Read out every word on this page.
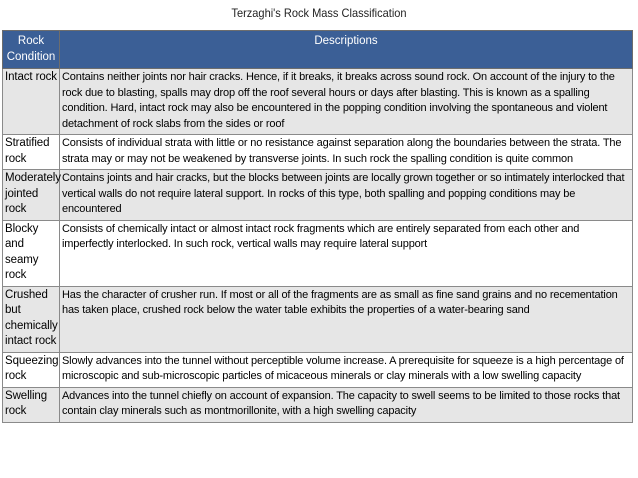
Terzaghi's Rock Mass Classification
Rock Condition	Descriptions
Intact rock	Contains neither joints nor hair cracks. Hence, if it breaks, it breaks across sound rock. On account of the injury to the rock due to blasting, spalls may drop off the roof several hours or days after blasting. This is known as a spalling condition. Hard, intact rock may also be encountered in the popping condition involving the spontaneous and violent detachment of rock slabs from the sides or roof
Stratified rock	Consists of individual strata with little or no resistance against separation along the boundaries between the strata. The strata may or may not be weakened by transverse joints. In such rock the spalling condition is quite common
Moderately jointed rock	Contains joints and hair cracks, but the blocks between joints are locally grown together or so intimately interlocked that vertical walls do not require lateral support. In rocks of this type, both spalling and popping conditions may be encountered
Blocky and seamy rock	Consists of chemically intact or almost intact rock fragments which are entirely separated from each other and imperfectly interlocked. In such rock, vertical walls may require lateral support
Crushed but chemically intact rock	Has the character of crusher run. If most or all of the fragments are as small as fine sand grains and no recementation has taken place, crushed rock below the water table exhibits the properties of a water-bearing sand
Squeezing rock	Slowly advances into the tunnel without perceptible volume increase. A prerequisite for squeeze is a high percentage of microscopic and sub-microscopic particles of micaceous minerals or clay minerals with a low swelling capacity
Swelling rock	Advances into the tunnel chiefly on account of expansion. The capacity to swell seems to be limited to those rocks that contain clay minerals such as montmorillonite, with a high swelling capacity
